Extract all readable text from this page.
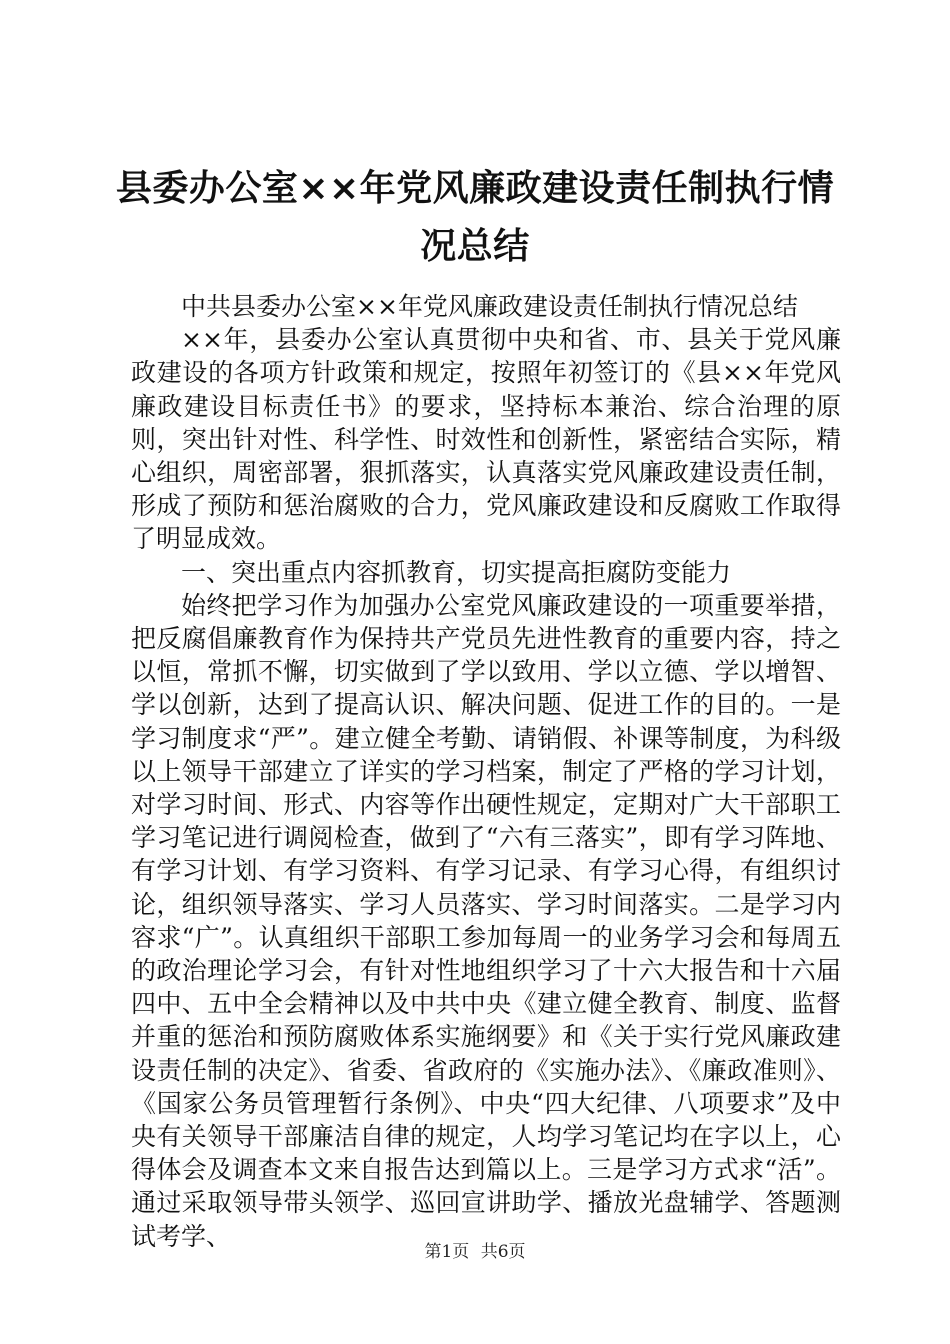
县委办公室××年党风廉政建设责任制执行情况总结

中共县委办公室××年党风廉政建设责任制执行情况总结

××年，县委办公室认真贯彻中央和省、市、县关于党风廉政建设的各项方针政策和规定，按照年初签订的《县××年党风廉政建设目标责任书》的要求，坚持标本兼治、综合治理的原则，突出针对性、科学性、时效性和创新性，紧密结合实际，精心组织，周密部署，狠抓落实，认真落实党风廉政建设责任制，形成了预防和惩治腐败的合力，党风廉政建设和反腐败工作取得了明显成效。

一、突出重点内容抓教育，切实提高拒腐防变能力

始终把学习作为加强办公室党风廉政建设的一项重要举措，把反腐倡廉教育作为保持共产党员先进性教育的重要内容，持之以恒，常抓不懈，切实做到了学以致用、学以立德、学以增智、学以创新，达到了提高认识、解决问题、促进工作的目的。一是学习制度求“严”。建立健全考勤、请销假、补课等制度，为科级以上领导干部建立了详实的学习档案，制定了严格的学习计划，对学习时间、形式、内容等作出硬性规定，定期对广大干部职工学习笔记进行调阅检查，做到了“六有三落实”，即有学习阵地、有学习计划、有学习资料、有学习记录、有学习心得，有组织讨论，组织领导落实、学习人员落实、学习时间落实。二是学习内容求“广”。认真组织干部职工参加每周一的业务学习会和每周五的政治理论学习会，有针对性地组织学习了十六大报告和十六届四中、五中全会精神以及中共中央《建立健全教育、制度、监督并重的惩治和预防腐败体系实施纲要》和《关于实行党风廉政建设责任制的决定》、省委、省政府的《实施办法》、《廉政准则》、《国家公务员管理暂行条例》、中央“四大纪律、八项要求”及中央有关领导干部廉洁自律的规定，人均学习笔记均在字以上，心得体会及调查本文来自报告达到篇以上。三是学习方式求“活”。通过采取领导带头领学、巡回宣讲助学、播放光盘辅学、答题测试考学、

第1页 共6页
